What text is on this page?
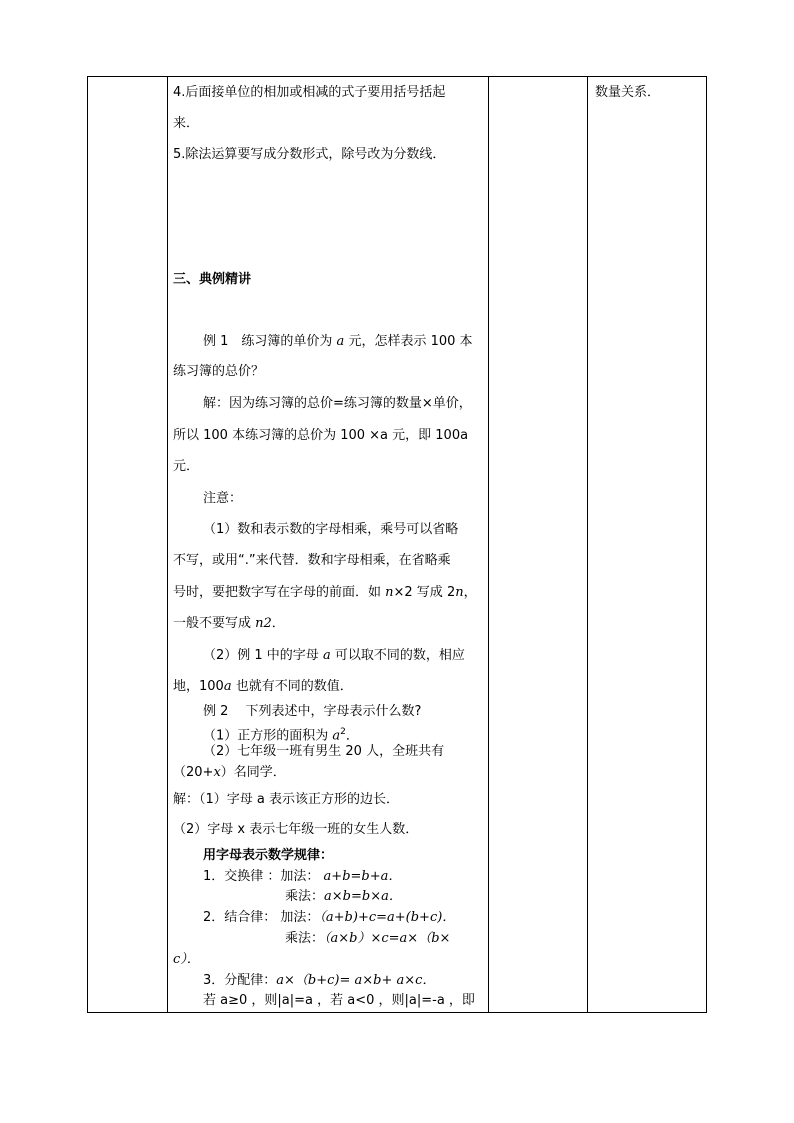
4.后面接单位的相加或相减的式子要用括号括起
来．
5.除法运算要写成分数形式，除号改为分数线．
三、典例精讲
例 1　练习簿的单价为 a 元，怎样表示 100 本
练习簿的总价？
解：因为练习簿的总价=练习簿的数量×单价，
所以 100 本练习簿的总价为 100 ×a 元，即 100a
元．
注意：
（1）数和表示数的字母相乘，乘号可以省略
不写，或用“.”来代替．数和字母相乘，在省略乘
号时，要把数字写在字母的前面．如 n×2 写成 2n，
一般不要写成 n2．
（2）例 1 中的字母 a 可以取不同的数，相应
地，100a 也就有不同的数值．
例 2　 下列表述中，字母表示什么数?
（1）正方形的面积为 $a^2$．
（2）七年级一班有男生 20 人，全班共有
（20+x）名同学．
解：（1）字母 a 表示该正方形的边长．
（2）字母 x 表示七年级一班的女生人数．
用字母表示数学规律：
1．交换律 ：加法： a+b=b+a．
乘法：a×b=b×a．
2．结合律： 加法：（a+b)+c=a+(b+c)．
乘法：（a×b）×c=a×（b×
c）．
3．分配律：a×（b+c)= a×b+ a×c．
若 a≥0 ，则|a|=a ，若 a<0 ，则|a|=-a ，即
数量关系．
